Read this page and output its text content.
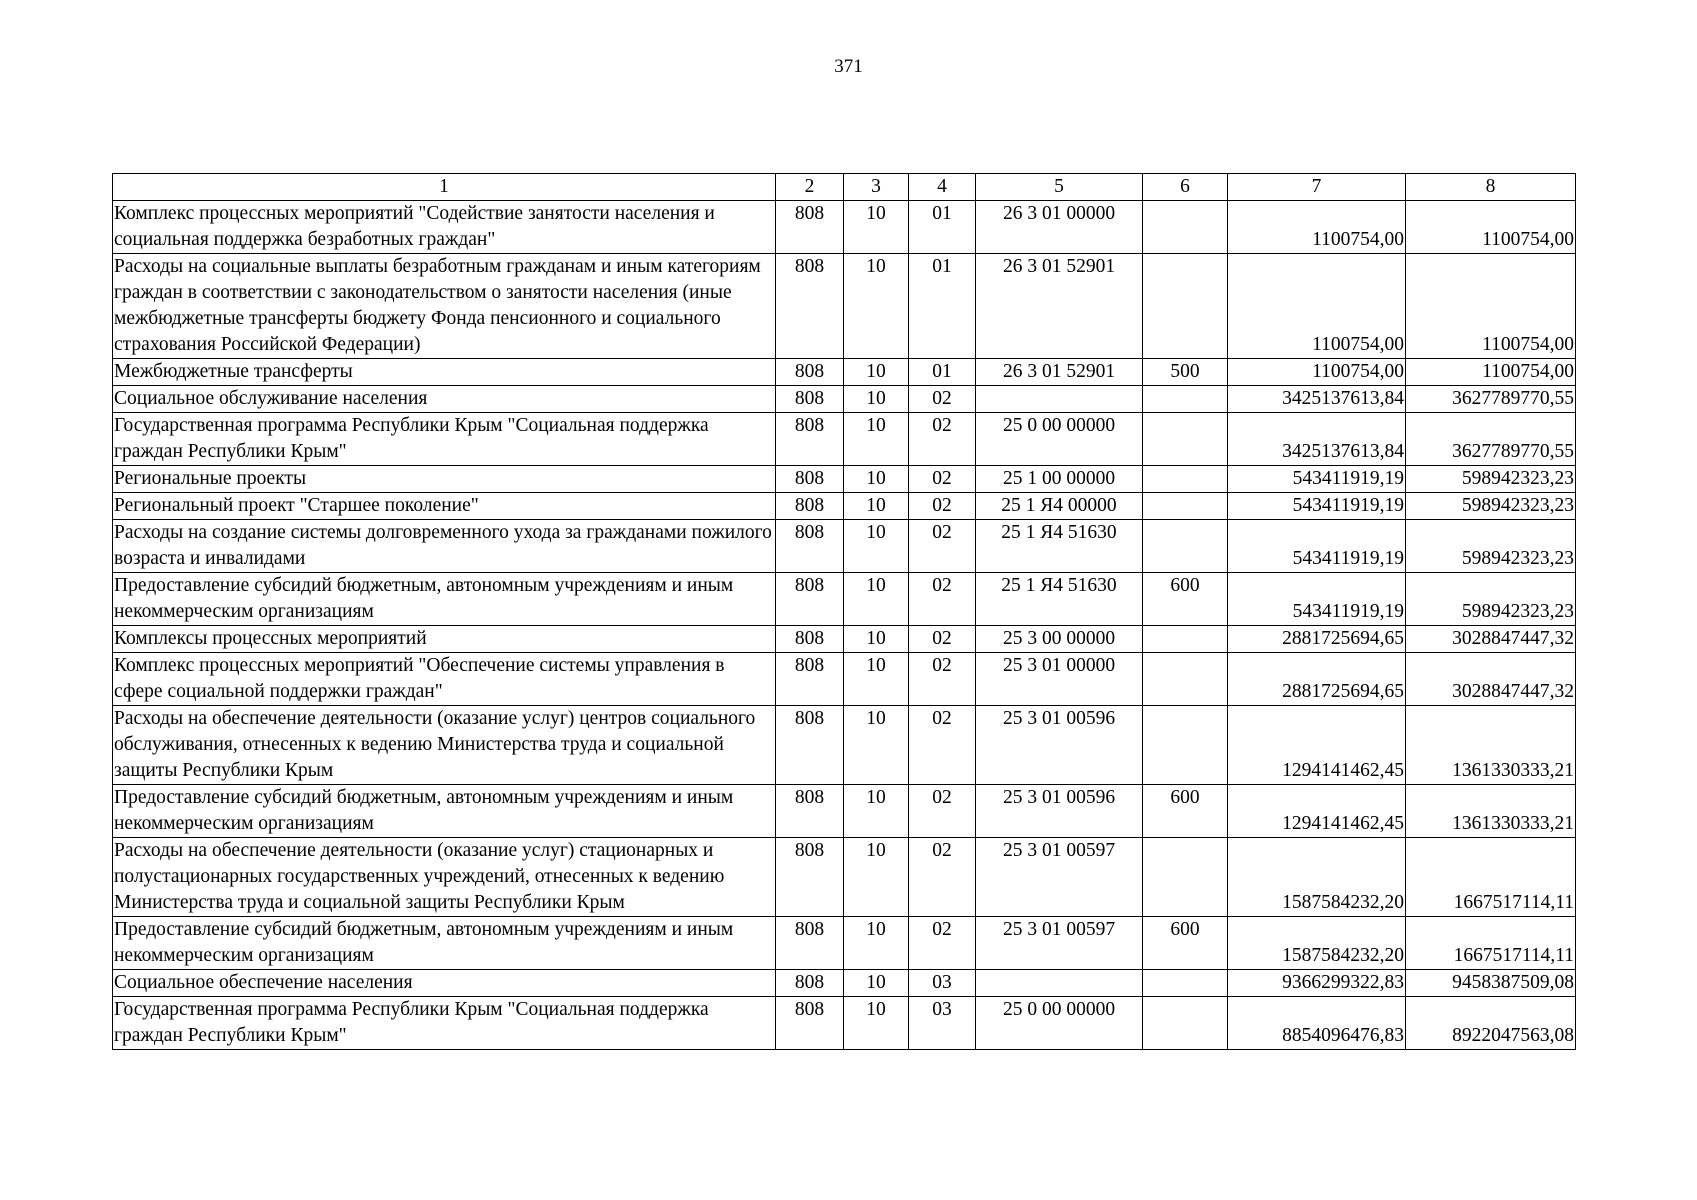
371
1	2	3	4	5	6	7	8
Комплекс процессных мероприятий "Содействие занятости населения и социальная поддержка безработных граждан"	808	10	01	26 3 01 00000		1100754,00	1100754,00
Расходы на социальные выплаты безработным гражданам и иным категориям граждан в соответствии с законодательством о занятости населения (иные межбюджетные трансферты бюджету Фонда пенсионного и социального страхования Российской Федерации)	808	10	01	26 3 01 52901		1100754,00	1100754,00
Межбюджетные трансферты	808	10	01	26 3 01 52901	500	1100754,00	1100754,00
Социальное обслуживание населения	808	10	02			3425137613,84	3627789770,55
Государственная программа Республики Крым "Социальная поддержка граждан Республики Крым"	808	10	02	25 0 00 00000		3425137613,84	3627789770,55
Региональные проекты	808	10	02	25 1 00 00000		543411919,19	598942323,23
Региональный проект "Старшее поколение"	808	10	02	25 1 Я4 00000		543411919,19	598942323,23
Расходы на создание системы долговременного ухода за гражданами пожилого возраста и инвалидами	808	10	02	25 1 Я4 51630		543411919,19	598942323,23
Предоставление субсидий бюджетным, автономным учреждениям и иным некоммерческим организациям	808	10	02	25 1 Я4 51630	600	543411919,19	598942323,23
Комплексы процессных мероприятий	808	10	02	25 3 00 00000		2881725694,65	3028847447,32
Комплекс процессных мероприятий "Обеспечение системы управления в сфере социальной поддержки граждан"	808	10	02	25 3 01 00000		2881725694,65	3028847447,32
Расходы на обеспечение деятельности (оказание услуг) центров социального обслуживания, отнесенных к ведению Министерства труда и социальной защиты Республики Крым	808	10	02	25 3 01 00596		1294141462,45	1361330333,21
Предоставление субсидий бюджетным, автономным учреждениям и иным некоммерческим организациям	808	10	02	25 3 01 00596	600	1294141462,45	1361330333,21
Расходы на обеспечение деятельности (оказание услуг) стационарных и полустационарных государственных учреждений, отнесенных к ведению Министерства труда и социальной защиты Республики Крым	808	10	02	25 3 01 00597		1587584232,20	1667517114,11
Предоставление субсидий бюджетным, автономным учреждениям и иным некоммерческим организациям	808	10	02	25 3 01 00597	600	1587584232,20	1667517114,11
Социальное обеспечение населения	808	10	03			9366299322,83	9458387509,08
Государственная программа Республики Крым "Социальная поддержка граждан Республики Крым"	808	10	03	25 0 00 00000		8854096476,83	8922047563,08
